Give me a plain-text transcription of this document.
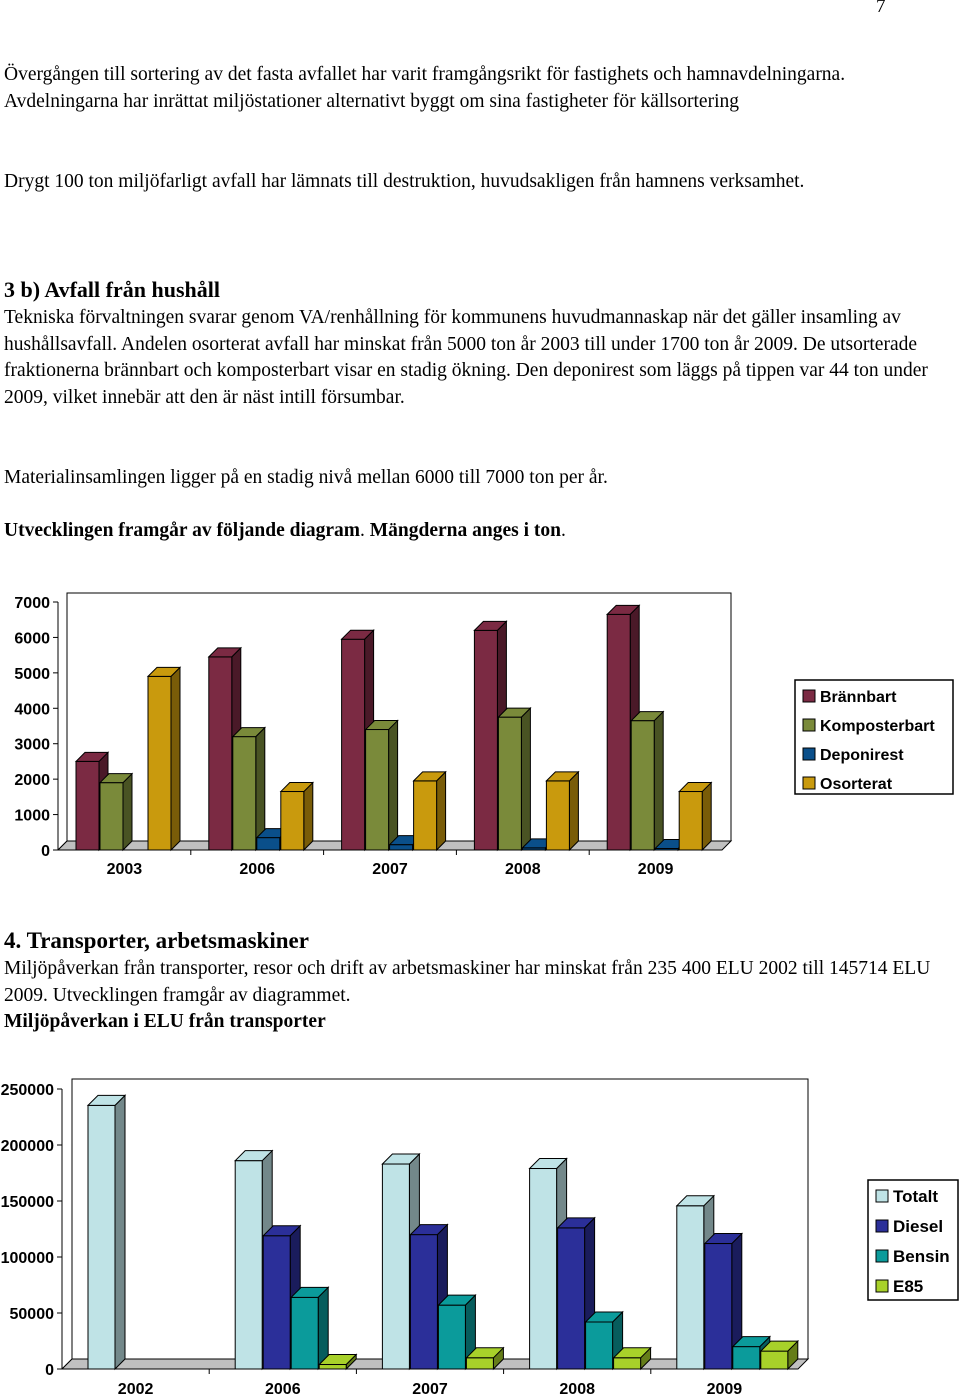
7

Övergången till sortering av det fasta avfallet har varit framgångsrikt för fastighets och hamnavdelningarna. Avdelningarna har inrättat miljöstationer alternativt byggt om sina fastigheter för källsortering

Drygt 100 ton miljöfarligt avfall har lämnats till destruktion, huvudsakligen från hamnens verksamhet.

3 b) Avfall från hushåll

Tekniska förvaltningen svarar genom VA/renhållning för kommunens huvudmannaskap när det gäller insamling av hushållsavfall. Andelen osorterat avfall har minskat från 5000 ton år 2003 till under 1700 ton år 2009. De utsorterade fraktionerna brännbart och komposterbart visar en stadig ökning. Den deponirest som läggs på tippen var 44 ton under 2009, vilket innebär att den är näst intill försumbar.

Materialinsamlingen ligger på en stadig nivå mellan 6000 till 7000 ton per år.

Utvecklingen framgår av följande diagram. Mängderna anges i ton.

0
1000
2000
3000
4000
5000
6000
7000
2003	2006	2007	2008	2009
Brännbart
Komposterbart
Deponirest
Osorterat
4. Transporter, arbetsmaskiner

Miljöpåverkan från transporter, resor och drift av arbetsmaskiner har minskat från 235 400 ELU 2002 till 145714 ELU 2009. Utvecklingen framgår av diagrammet.

Miljöpåverkan i ELU från transporter

0
50000
100000
150000
200000
250000
2002	2006	2007	2008	2009
Totalt
Diesel
Bensin
E85
